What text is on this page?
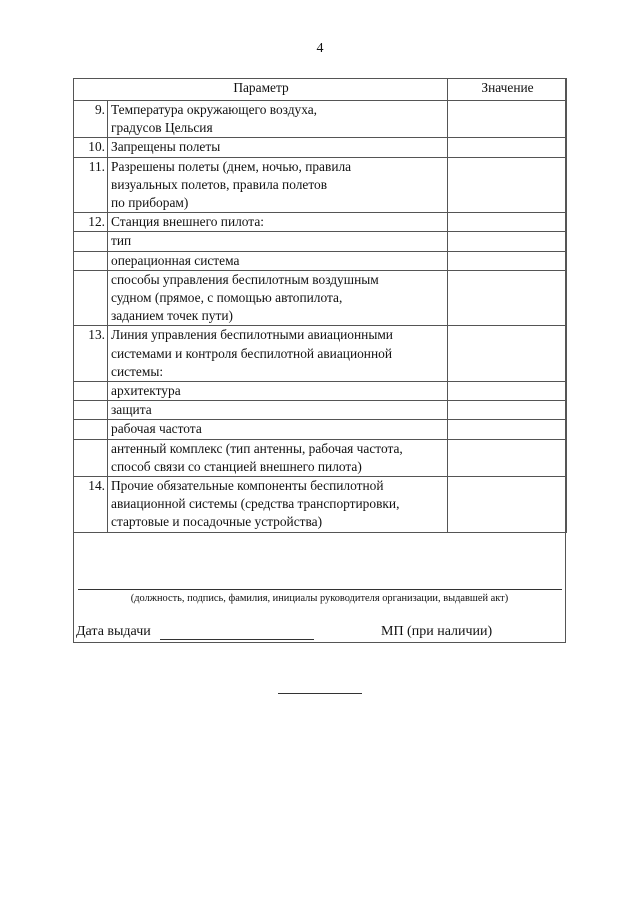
4
Параметр		Значение
9.	Температура окружающего воздуха,
градусов Цельсия	
10.	Запрещены полеты	
11.	Разрешены полеты (днем, ночью, правила
визуальных полетов, правила полетов
по приборам)	
12.	Станция внешнего пилота:	
	тип	
	операционная система	
	способы управления беспилотным воздушным
судном (прямое, с помощью автопилота,
заданием точек пути)	
13.	Линия управления беспилотными авиационными
системами и контроля беспилотной авиационной
системы:	
	архитектура	
	защита	
	рабочая частота	
	антенный комплекс (тип антенны, рабочая частота,
способ связи со станцией внешнего пилота)	
14.	Прочие обязательные компоненты беспилотной
авиационной системы (средства транспортировки,
стартовые и посадочные устройства)	
(должность, подпись, фамилия, инициалы руководителя организации, выдавшей акт)
Дата выдачи	МП (при наличии)
